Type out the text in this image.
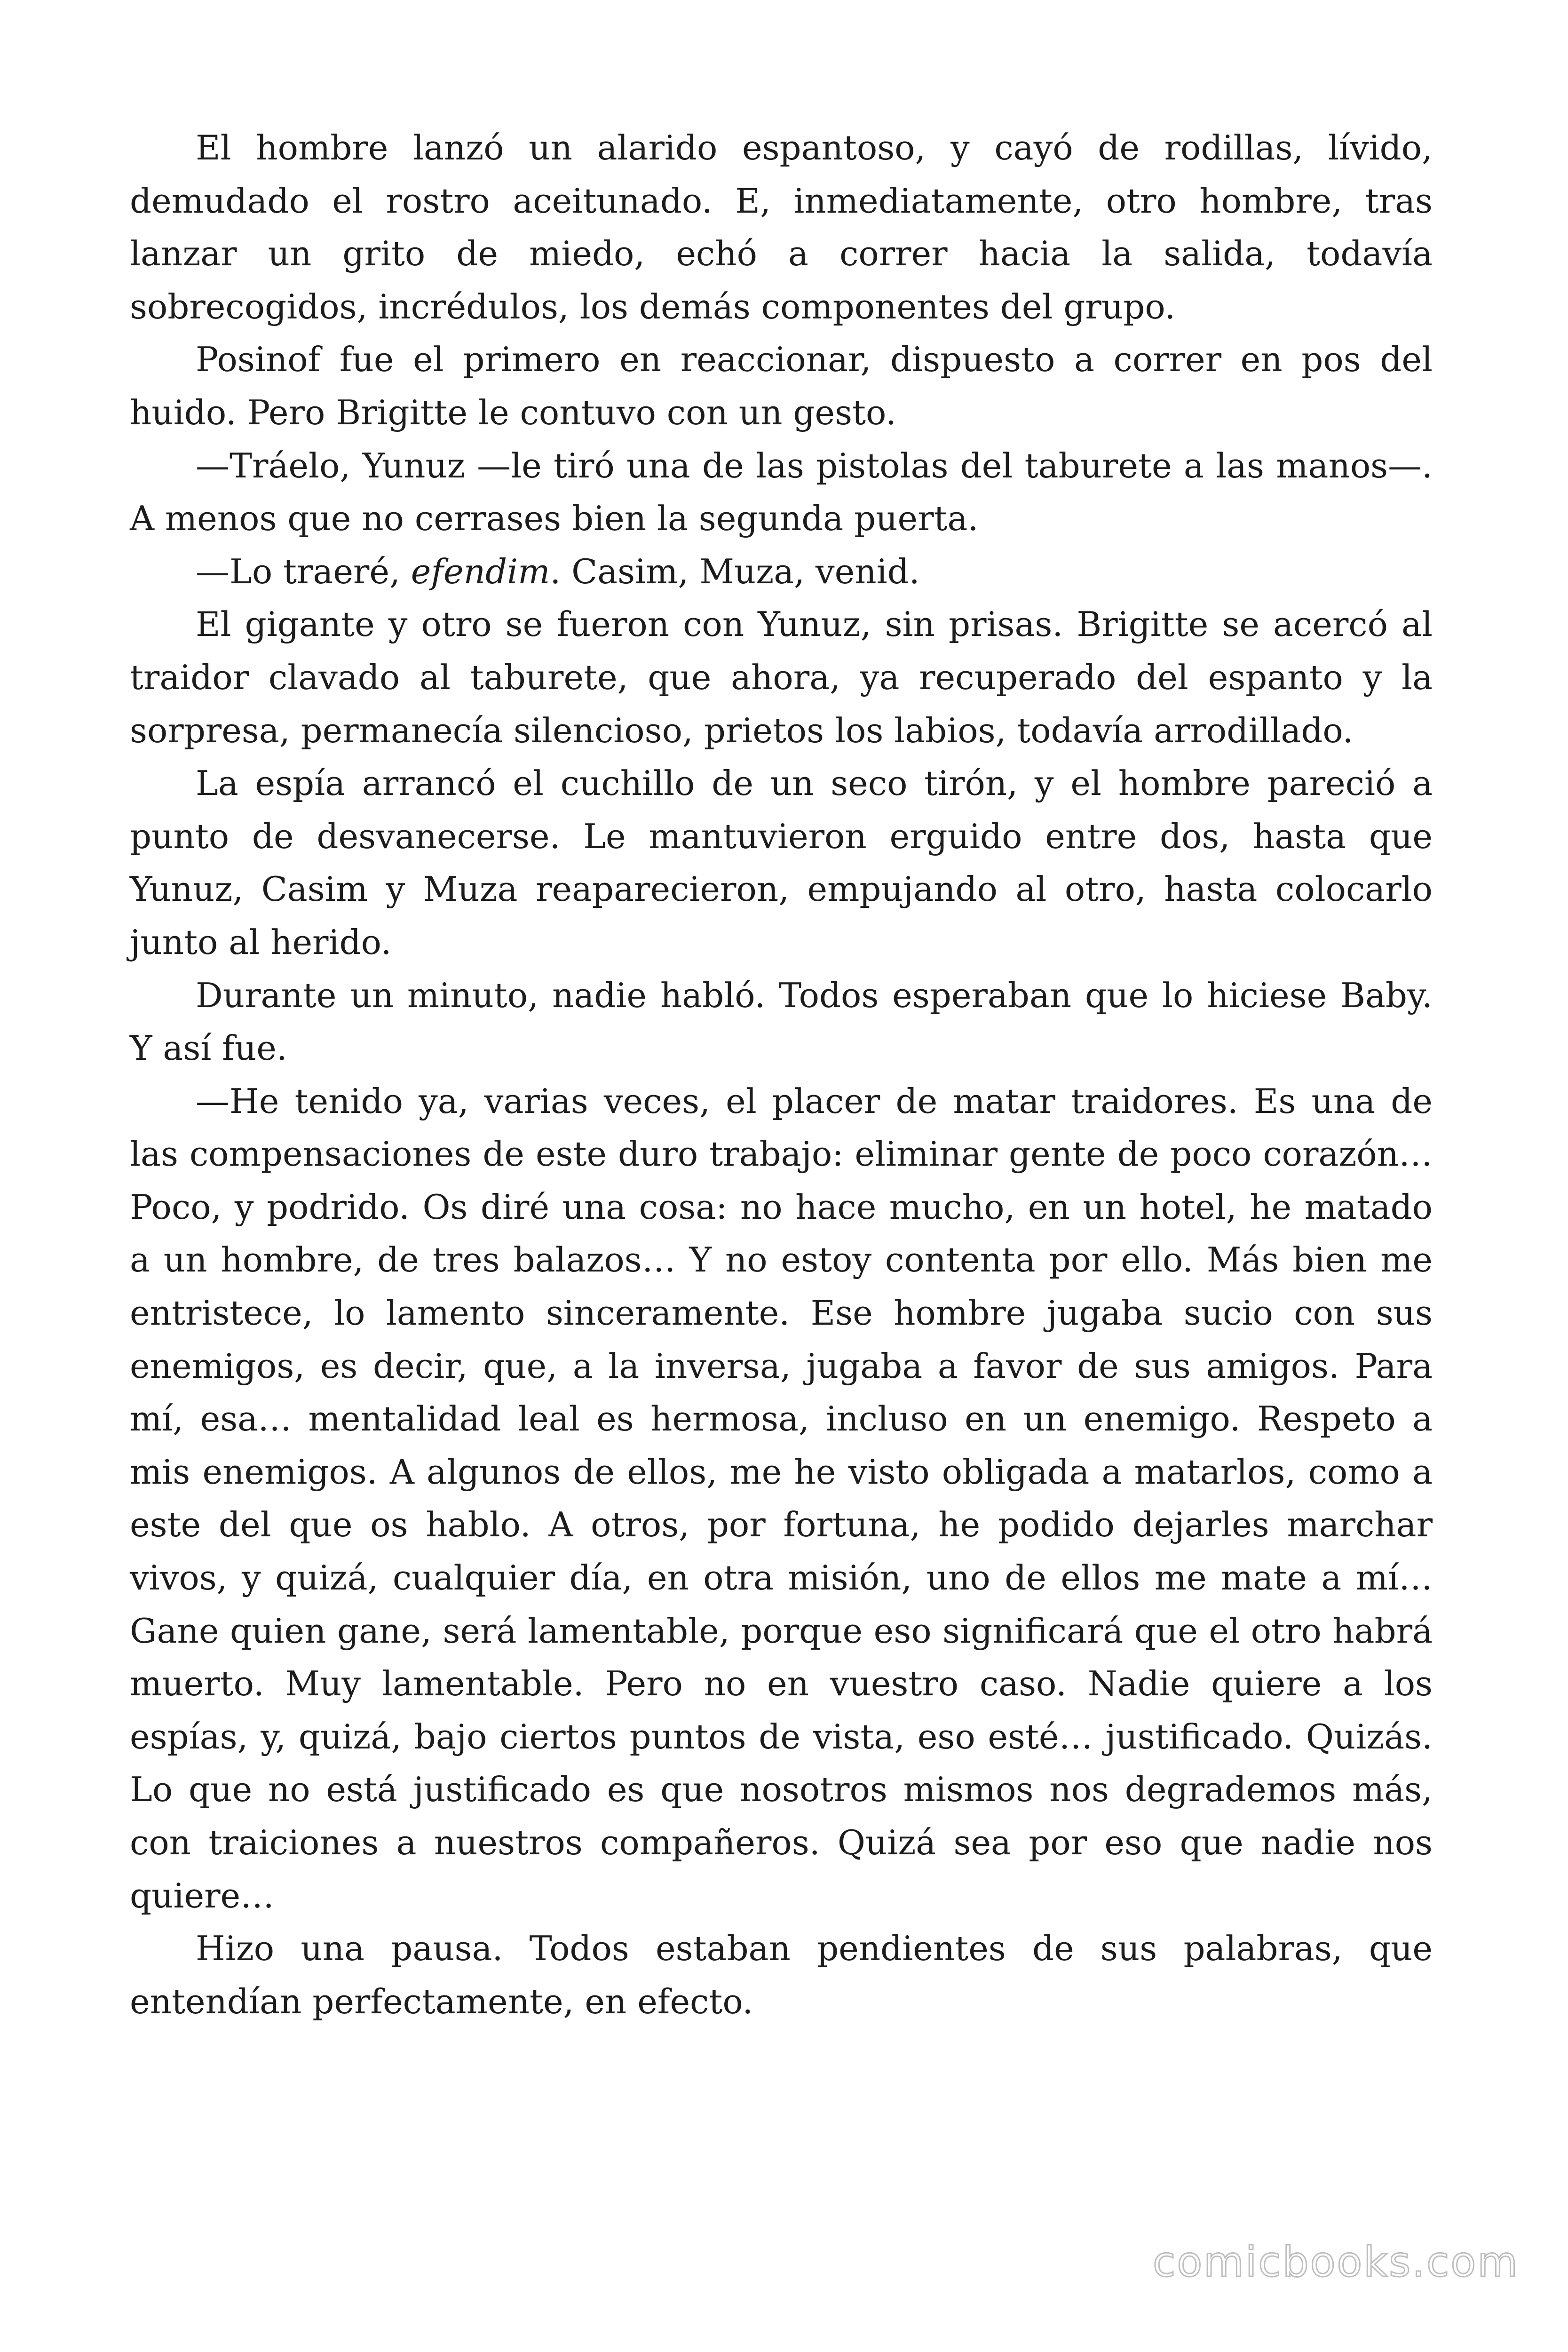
El hombre lanzó un alarido espantoso, y cayó de rodillas, lívido, demudado el rostro aceitunado. E, inmediatamente, otro hombre, tras lanzar un grito de miedo, echó a correr hacia la salida, todavía sobrecogidos, incrédulos, los demás componentes del grupo.

Posinof fue el primero en reaccionar, dispuesto a correr en pos del huido. Pero Brigitte le contuvo con un gesto.

—Tráelo, Yunuz —le tiró una de las pistolas del taburete a las manos—. A menos que no cerrases bien la segunda puerta.

—Lo traeré, efendim. Casim, Muza, venid.

El gigante y otro se fueron con Yunuz, sin prisas. Brigitte se acercó al traidor clavado al taburete, que ahora, ya recuperado del espanto y la sorpresa, permanecía silencioso, prietos los labios, todavía arrodillado.

La espía arrancó el cuchillo de un seco tirón, y el hombre pareció a punto de desvanecerse. Le mantuvieron erguido entre dos, hasta que Yunuz, Casim y Muza reaparecieron, empujando al otro, hasta colocarlo junto al herido.

Durante un minuto, nadie habló. Todos esperaban que lo hiciese Baby. Y así fue.

—He tenido ya, varias veces, el placer de matar traidores. Es una de las compensaciones de este duro trabajo: eliminar gente de poco corazón… Poco, y podrido. Os diré una cosa: no hace mucho, en un hotel, he matado a un hombre, de tres balazos… Y no estoy contenta por ello. Más bien me entristece, lo lamento sinceramente. Ese hombre jugaba sucio con sus enemigos, es decir, que, a la inversa, jugaba a favor de sus amigos. Para mí, esa… mentalidad leal es hermosa, incluso en un enemigo. Respeto a mis enemigos. A algunos de ellos, me he visto obligada a matarlos, como a este del que os hablo. A otros, por fortuna, he podido dejarles marchar vivos, y quizá, cualquier día, en otra misión, uno de ellos me mate a mí… Gane quien gane, será lamentable, porque eso significará que el otro habrá muerto. Muy lamentable. Pero no en vuestro caso. Nadie quiere a los espías, y, quizá, bajo ciertos puntos de vista, eso esté… justificado. Quizás. Lo que no está justificado es que nosotros mismos nos degrademos más, con traiciones a nuestros compañeros. Quizá sea por eso que nadie nos quiere…

Hizo una pausa. Todos estaban pendientes de sus palabras, que entendían perfectamente, en efecto.

comicbooks.com
